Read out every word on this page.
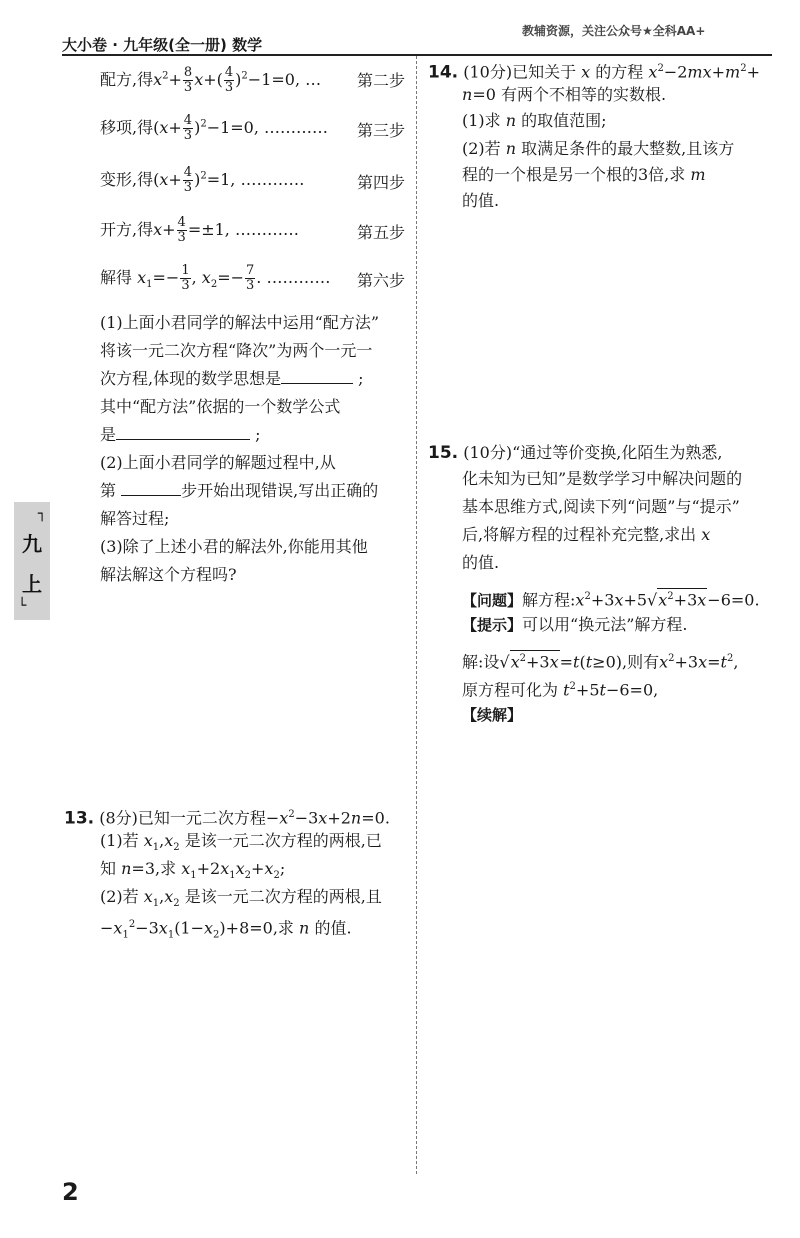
大小卷 · 九年级(全一册) 数学
教辅资源，关注公众号★全科AA+
┐
九
上
└
配方,得$x^2+ \frac{8}{3} x+( \frac{4}{3} )^2-1=0$, … 第二步
移项,得$(x+ \frac{4}{3} )^2-1=0$, ………… 第三步
变形,得$(x+ \frac{4}{3} )^2=1$, …………	第四步
开方,得$x+ \frac{4}{3} =\pm 1$, …………	第五步
解得 $x_1=- \frac{1}{3}$ , $x_2=- \frac{7}{3}$ . ………… 第六步
(1)上面小君同学的解法中运用“配方法”
将该一元二次方程“降次”为两个一元一
次方程,体现的数学思想是	;
其中“配方法”依据的一个数学公式
是	;
(2)上面小君同学的解题过程中,从
第	步开始出现错误,写出正确的
解答过程;
(3)除了上述小君的解法外,你能用其他
解法解这个方程吗?
13. (8分)已知一元二次方程$-x^2-3x+2n=0$.
(1)若 $x_1,x_2$ 是该一元二次方程的两根,已
知 n=3,求 $x_1+2x_1x_2+x_2$;
(2)若 $x_1,x_2$ 是该一元二次方程的两根,且
$-x_1^2-3x_1(1-x_2)+8=0$,求 n 的值.
14. (10分)已知关于 x 的方程 $x^2-2mx+m^2+$
n=0 有两个不相等的实数根.
(1)求 n 的取值范围;
(2)若 n 取满足条件的最大整数,且该方
程的一个根是另一个根的3倍,求 m
的值.
15. (10分)“通过等价变换,化陌生为熟悉,
化未知为已知”是数学学习中解决问题的
基本思维方式,阅读下列“问题”与“提示”
后,将解方程的过程补充完整,求出 x
的值.
【问题】解方程$:x^2+3x+5√x^2+3x-6=0$.
【提示】可以用“换元法”解方程.
解:设$√x^2+3x=t(t\ge 0)$,则有$x^2+3x=t^2$,
原方程可化为 $t^2+5t-6=0$,
【续解】
2
